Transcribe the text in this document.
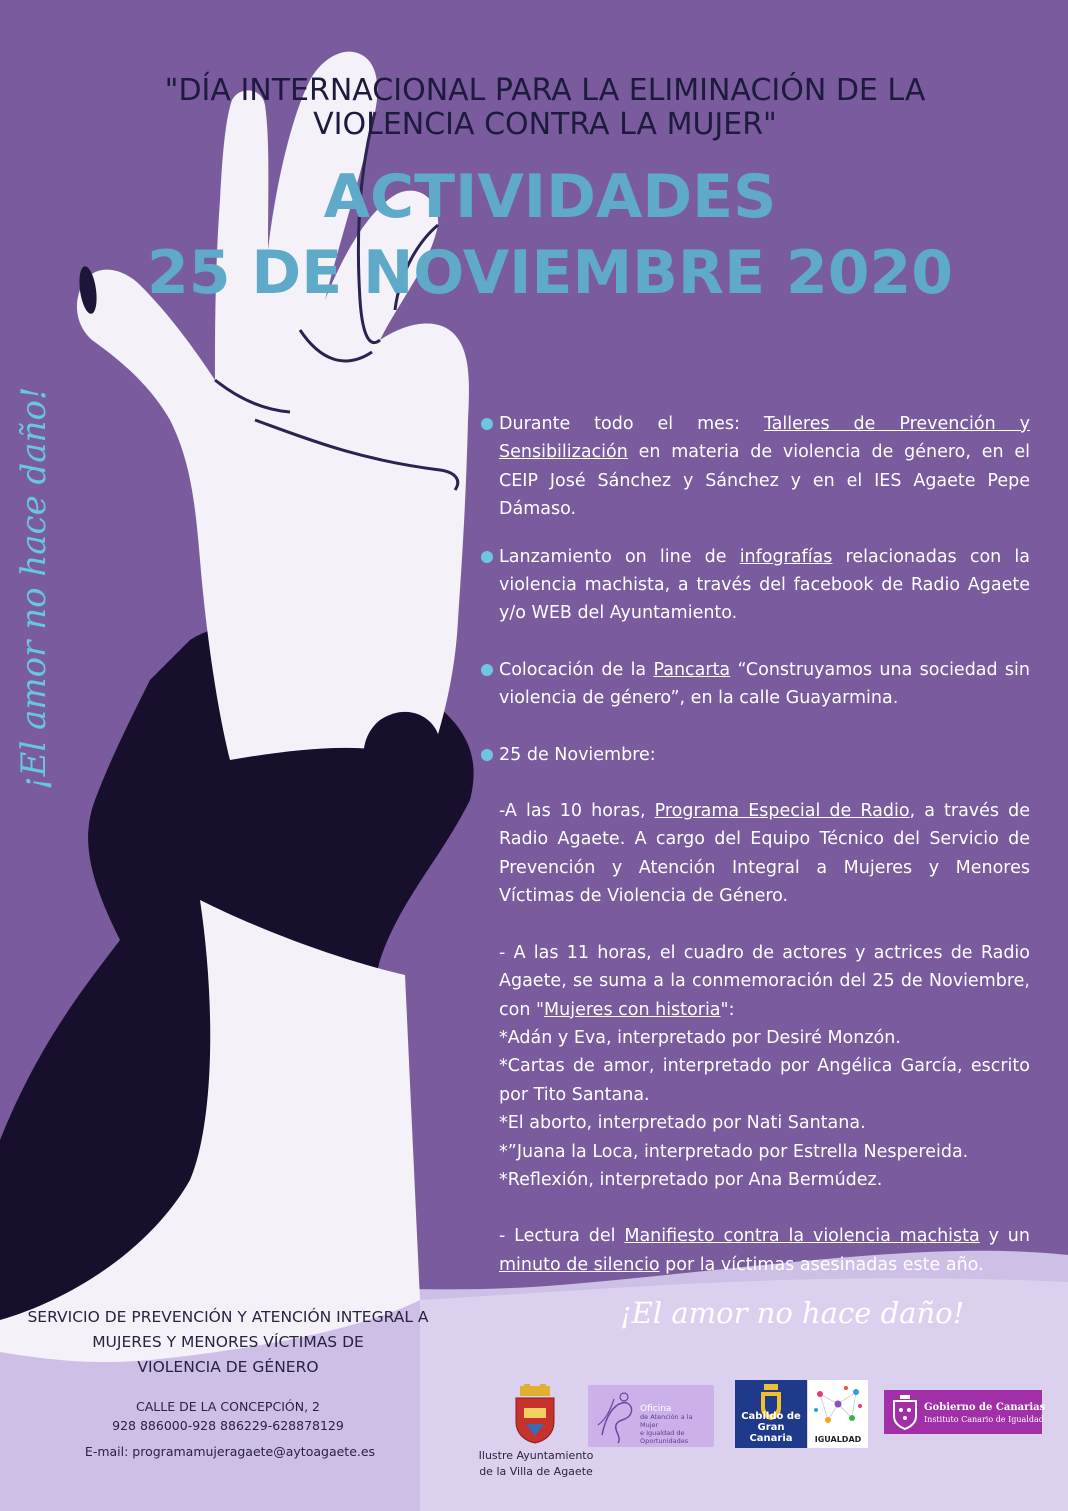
"DÍA INTERNACIONAL PARA LA ELIMINACIÓN DE LA
VIOLENCIA CONTRA LA MUJER"
ACTIVIDADES
25 DE NOVIEMBRE 2020
¡El amor no hace daño!	Durante todo el mes: Talleres de Prevención y Sensibilización en materia de violencia de género, en el CEIP José Sánchez y Sánchez y en el IES Agaete Pepe Dámaso.

Lanzamiento on line de infografías relacionadas con la violencia machista, a través del facebook de Radio Agaete y/o WEB del Ayuntamiento.

Colocación de la Pancarta “Construyamos una sociedad sin violencia de género”, en la calle Guayarmina.

25 de Noviembre:

-A las 10 horas, Programa Especial de Radio, a través de Radio Agaete. A cargo del Equipo Técnico del Servicio de Prevención y Atención Integral a Mujeres y Menores Víctimas de Violencia de Género.

- A las 11 horas, el cuadro de actores y actrices de Radio Agaete, se suma a la conmemoración del 25 de Noviembre, con "Mujeres con historia":

*Adán y Eva, interpretado por Desiré Monzón.

*Cartas de amor, interpretado por Angélica García, escrito por Tito Santana.

*El aborto, interpretado por Nati Santana.

*”Juana la Loca, interpretado por Estrella Nespereida.

*Reflexión, interpretado por Ana Bermúdez.

- Lectura del Manifiesto contra la violencia machista y un minuto de silencio por la víctimas asesinadas este año.

¡El amor no hace daño!
SERVICIO DE PREVENCIÓN Y ATENCIÓN INTEGRAL A
MUJERES Y MENORES VÍCTIMAS DE
VIOLENCIA DE GÉNERO
CALLE DE LA CONCEPCIÓN, 2
928 886000-928 886229-628878129
E-mail: programamujeragaete@aytoagaete.es	Ilustre Ayuntamiento
de la Villa de Agaete
Oficina
de Atención a la Mujer
e Igualdad de Oportunidades
Cabildo de
Gran Canaria	IGUALDAD
Gobierno de Canarias
Instituto Canario de Igualdad
